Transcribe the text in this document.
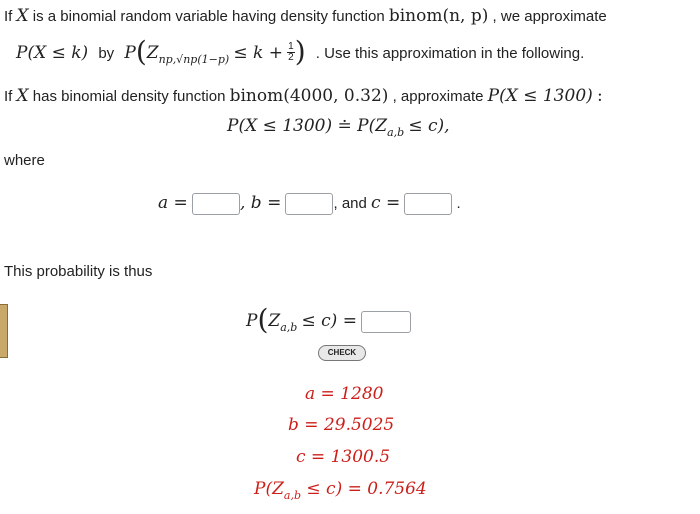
If X is a binomial random variable having density function binom(n, p) , we approximate
P(X ≤ k) by $P(Z_{np,√np(1-p)} \le k + \frac{1}{2}$ ) . Use this approximation in the following.
If X has binomial density function binom(4000, 0.32) , approximate P(X ≤ 1300) :
P(X ≤ 1300) ≐ $P(Z_{a,b} \le c)$,
where
a =	, b =	, and c =	.
This probability is thus
$P(Z_{a,b} \le c)$ =
CHECK
a = 1280
b = 29.5025
c = 1300.5
$P(Z_{a,b} \le c) = 0.7564$
